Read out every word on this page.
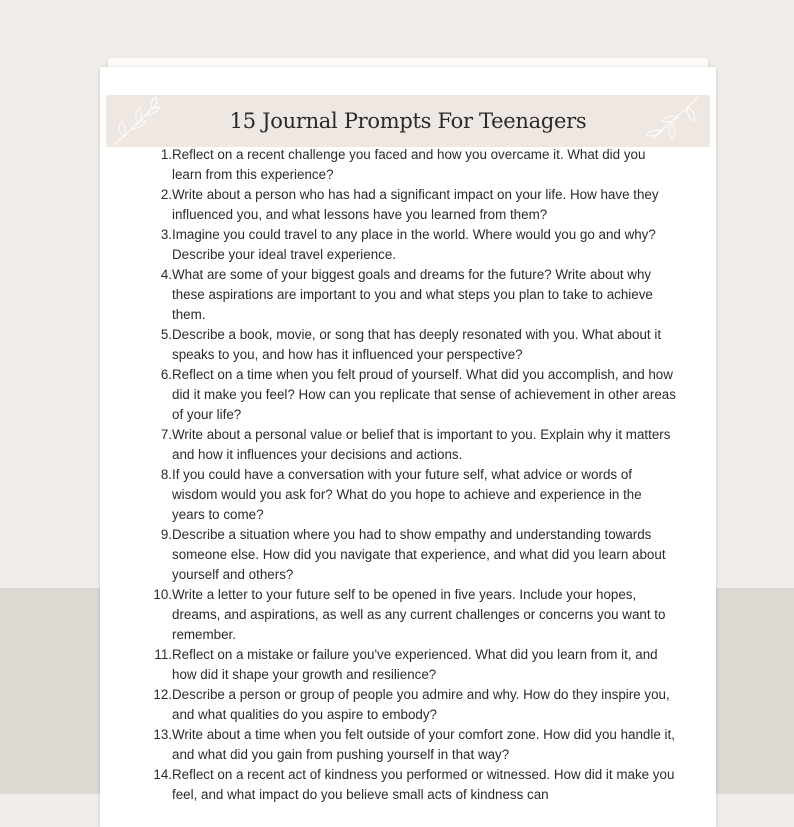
15 Journal Prompts For Teenagers
1. Reflect on a recent challenge you faced and how you overcame it. What did you learn from this experience?
2. Write about a person who has had a significant impact on your life. How have they influenced you, and what lessons have you learned from them?
3. Imagine you could travel to any place in the world. Where would you go and why? Describe your ideal travel experience.
4. What are some of your biggest goals and dreams for the future? Write about why these aspirations are important to you and what steps you plan to take to achieve them.
5. Describe a book, movie, or song that has deeply resonated with you. What about it speaks to you, and how has it influenced your perspective?
6. Reflect on a time when you felt proud of yourself. What did you accomplish, and how did it make you feel? How can you replicate that sense of achievement in other areas of your life?
7. Write about a personal value or belief that is important to you. Explain why it matters and how it influences your decisions and actions.
8. If you could have a conversation with your future self, what advice or words of wisdom would you ask for? What do you hope to achieve and experience in the years to come?
9. Describe a situation where you had to show empathy and understanding towards someone else. How did you navigate that experience, and what did you learn about yourself and others?
10. Write a letter to your future self to be opened in five years. Include your hopes, dreams, and aspirations, as well as any current challenges or concerns you want to remember.
11. Reflect on a mistake or failure you've experienced. What did you learn from it, and how did it shape your growth and resilience?
12. Describe a person or group of people you admire and why. How do they inspire you, and what qualities do you aspire to embody?
13. Write about a time when you felt outside of your comfort zone. How did you handle it, and what did you gain from pushing yourself in that way?
14. Reflect on a recent act of kindness you performed or witnessed. How did it make you feel, and what impact do you believe small acts of kindness can
